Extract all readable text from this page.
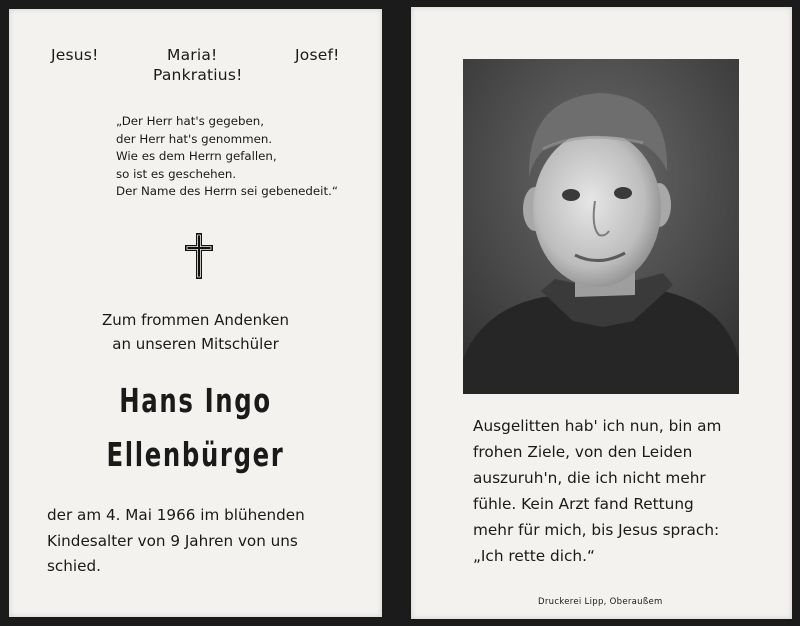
Jesus!	Maria!	Josef!

Pankratius!

„Der Herr hat's gegeben,
der Herr hat's genommen.
Wie es dem Herrn gefallen,
so ist es geschehen.
Der Name des Herrn sei gebenedeit.“
Zum frommen Andenken
an unseren Mitschüler

Hans Ingo

Ellenbürger

der am 4. Mai 1966 im blühenden
Kindesalter von 9 Jahren von uns
schied.
Ausgelitten hab' ich nun, bin am
frohen Ziele, von den Leiden
auszuruh'n, die ich nicht mehr
fühle. Kein Arzt fand Rettung
mehr für mich, bis Jesus sprach:
„Ich rette dich.“

Druckerei Lipp, Oberaußem
